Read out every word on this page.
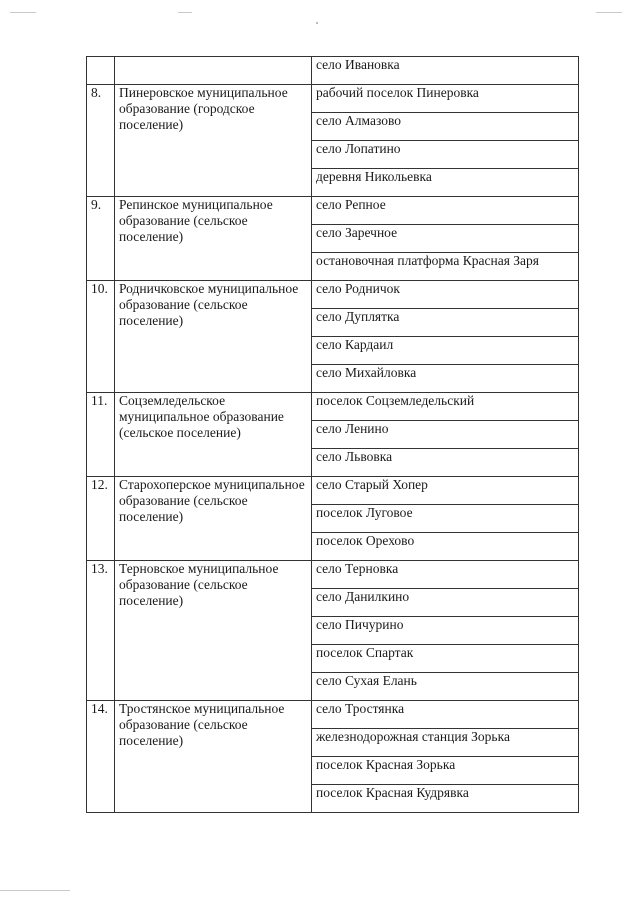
		село Ивановка
8.	Пинеровское муниципальное образование (городское поселение)	рабочий поселок Пинеровка
		село Алмазово
		село Лопатино
		деревня Никольевка
9.	Репинское муниципальное образование (сельское поселение)	село Репное
		село Заречное
		остановочная платформа Красная Заря
10.	Родничковское муниципальное образование (сельское поселение)	село Родничок
		село Дуплятка
		село Кардаил
		село Михайловка
11.	Соцземледельское муниципальное образование (сельское поселение)	поселок Соцземледельский
		село Ленино
		село Львовка
12.	Старохоперское муниципальное образование (сельское поселение)	село Старый Хопер
		поселок Луговое
		поселок Орехово
13.	Терновское муниципальное образование (сельское поселение)	село Терновка
		село Данилкино
		село Пичурино
		поселок Спартак
		село Сухая Елань
14.	Тростянское муниципальное образование (сельское поселение)	село Тростянка
		железнодорожная станция Зорька
		поселок Красная Зорька
		поселок Красная Кудрявка
